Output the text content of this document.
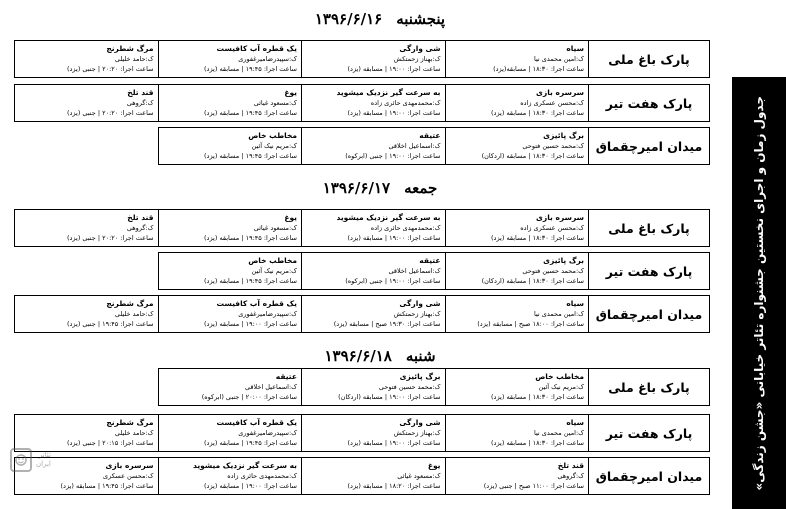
پنجشنبه۱۳۹۶/۶/۱۶
پارک باغ ملی
سیاه
ک:امین محمدی نیا
ساعت اجرا: ۱۸:۳۰ | مسابقه(یزد)
شی وارگی
ک:بهناز زحمتکش
ساعت اجرا: ۱۹:۰۰ | مسابقه (یزد)
یک قطره آب کافیست
ک:سپیدرضامیرغفوری
ساعت اجرا: ۱۹:۴۵ | مسابقه (یزد)
مرگ شطرنج
ک:حامد خلیلی
ساعت اجرا: ۲۰:۲۰ | جنبی (یزد)
پارک هفت تیر
سرسره بازی
ک:محسن عسکری زاده
ساعت اجرا: ۱۸:۳۰ | مسابقه (یزد)
به سرعت گیر نزدیک میشوید
ک:محمدمهدی حائری زاده
ساعت اجرا: ۱۹:۰۰ | مسابقه (یزد)
یوغ
ک:مسعود غیاثی
ساعت اجرا: ۱۹:۴۵ | مسابقه (یزد)
قند تلخ
ک:گروهی
ساعت اجرا: ۲۰:۲۰ | جنبی (یزد)
میدان امیرچقماق
برگ پائیزی
ک:محمد حسین فتوحی
ساعت اجرا: ۱۸:۳۰ | مسابقه (اردکان)
عتیقه
ک:اسماعیل اخلاقی
ساعت اجرا: ۱۹:۰۰ | جنبی (ابرکوه)
مخاطب خاص
ک:مریم نیک آئین
ساعت اجرا: ۱۹:۴۵ | مسابقه (یزد)
جمعه۱۳۹۶/۶/۱۷
پارک باغ ملی
سرسره بازی
ک:محسن عسکری زاده
ساعت اجرا: ۱۸:۳۰ | مسابقه (یزد)
به سرعت گیر نزدیک میشوید
ک:محمدمهدی حائری زاده
ساعت اجرا: ۱۹:۰۰ | مسابقه (یزد)
یوغ
ک:مسعود غیاثی
ساعت اجرا: ۱۹:۴۵ | مسابقه (یزد)
قند تلخ
ک:گروهی
ساعت اجرا: ۲۰:۲۰ | جنبی (یزد)
پارک هفت تیر
برگ پائیزی
ک:محمد حسین فتوحی
ساعت اجرا: ۱۸:۳۰ | مسابقه (اردکان)
عتیقه
ک:اسماعیل اخلاقی
ساعت اجرا: ۱۹:۰۰ | جنبی (ابرکوه)
مخاطب خاص
ک:مریم نیک آئین
ساعت اجرا: ۱۹:۴۵ | مسابقه (یزد)
میدان امیرچقماق
سیاه
ک:امین محمدی نیا
ساعت اجرا: ۱۸:۰۰ صبح | مسابقه (یزد)
شی وارگی
ک:بهناز زحمتکش
ساعت اجرا: ۱۹:۳۰ صبح | مسابقه (یزد)
یک قطره آب کافیست
ک:سپیدرضامیرغفوری
ساعت اجرا: ۱۹:۰۰ | مسابقه (یزد)
مرگ شطرنج
ک:حامد خلیلی
ساعت اجرا: ۱۹:۴۵ | جنبی (یزد)
شنبه۱۳۹۶/۶/۱۸
پارک باغ ملی
مخاطب خاص
ک:مریم نیک آئین
ساعت اجرا: ۱۸:۳۰ | مسابقه (یزد)
برگ پائیزی
ک:محمد حسین فتوحی
ساعت اجرا: ۱۹:۰۰ | مسابقه (اردکان)
عتیقه
ک:اسماعیل اخلاقی
ساعت اجرا: ۲۰:۰۰ | جنبی (ابرکوه)
پارک هفت تیر
سیاه
ک:امین محمدی نیا
ساعت اجرا: ۱۸:۳۰ | مسابقه (یزد)
شی وارگی
ک:بهناز زحمتکش
ساعت اجرا: ۱۹:۰۰ | مسابقه (یزد)
یک قطره آب کافیست
ک:سپیدرضامیرغفوری
ساعت اجرا: ۱۹:۴۵ | مسابقه (یزد)
مرگ شطرنج
ک:حامد خلیلی
ساعت اجرا: ۲۰:۱۵ | جنبی (یزد)
میدان امیرچقماق
قند تلخ
ک:گروهی
ساعت اجرا: ۱۱:۰۰ صبح | جنبی (یزد)
یوغ
ک:مسعود غیاثی
ساعت اجرا: ۱۸:۲۰ | مسابقه (یزد)
به سرعت گیر نزدیک میشوید
ک:محمدمهدی حائری زاده
ساعت اجرا: ۱۹:۰۰ | مسابقه (یزد)
سرسره بازی
ک:محسن عسکری
ساعت اجرا: ۱۹:۴۵ | مسابقه (یزد)	جدول زمان و اجرای نخستین جشنواره تئاتر خیابانی «جشن زندگی»
تئاتر
ایران
